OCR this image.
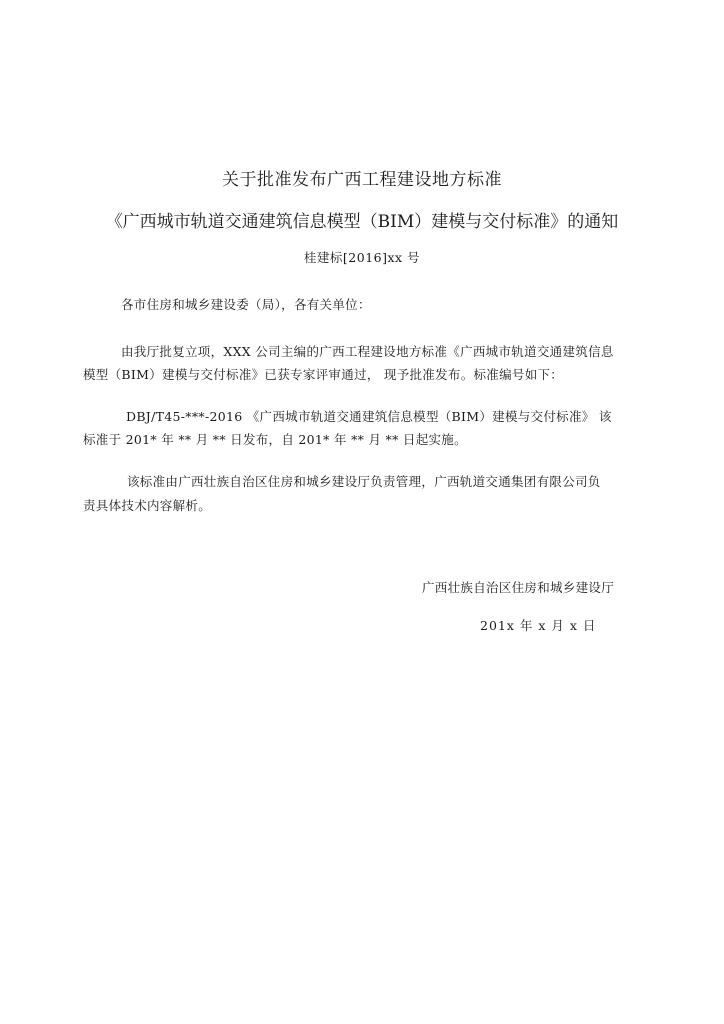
关于批准发布广西工程建设地方标准
《广西城市轨道交通建筑信息模型（BIM）建模与交付标准》的通知
桂建标[2016]xx 号
各市住房和城乡建设委（局），各有关单位：
由我厅批复立项，XXX 公司主编的广西工程建设地方标准《广西城市轨道交通建筑信息
模型（BIM）建模与交付标准》已获专家评审通过， 现予批准发布。标准编号如下：
DBJ/T45-***-2016 《广西城市轨道交通建筑信息模型（BIM）建模与交付标准》 该
标准于 201* 年 ** 月 ** 日发布，自 201* 年 ** 月 ** 日起实施。
该标准由广西壮族自治区住房和城乡建设厅负责管理，广西轨道交通集团有限公司负
责具体技术内容解析。
广西壮族自治区住房和城乡建设厅
201x 年 x 月 x 日
